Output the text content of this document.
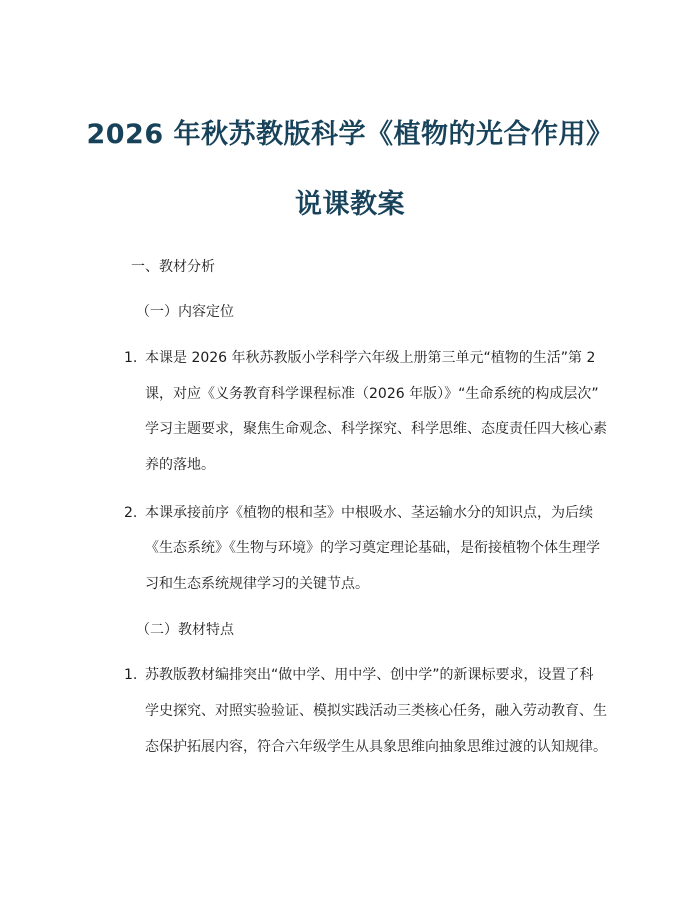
2026 年秋苏教版科学《植物的光合作用》
说课教案
一、教材分析
（一）内容定位
1. 本课是 2026 年秋苏教版小学科学六年级上册第三单元“植物的生活”第 2
课，对应《义务教育科学课程标准（2026 年版）》“生命系统的构成层次”
学习主题要求，聚焦生命观念、科学探究、科学思维、态度责任四大核心素
养的落地。
2. 本课承接前序《植物的根和茎》中根吸水、茎运输水分的知识点，为后续
《生态系统》《生物与环境》的学习奠定理论基础，是衔接植物个体生理学
习和生态系统规律学习的关键节点。
（二）教材特点
1. 苏教版教材编排突出“做中学、用中学、创中学”的新课标要求，设置了科
学史探究、对照实验验证、模拟实践活动三类核心任务，融入劳动教育、生
态保护拓展内容，符合六年级学生从具象思维向抽象思维过渡的认知规律。
